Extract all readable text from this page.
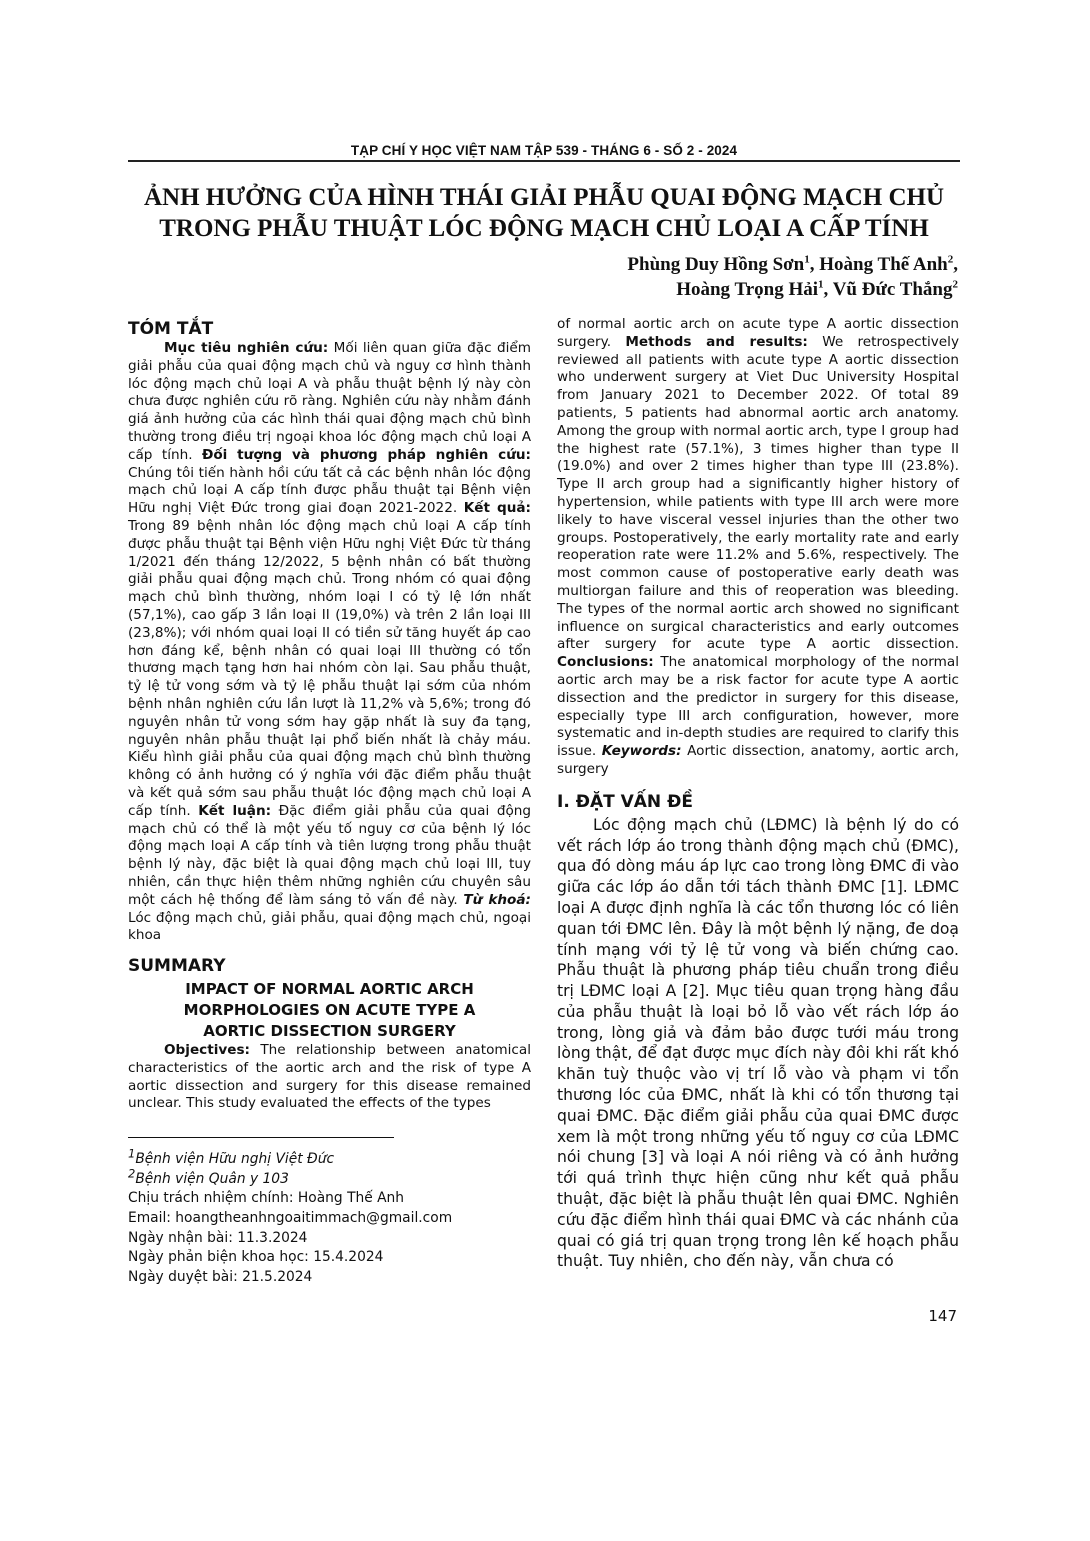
TẠP CHÍ Y HỌC VIỆT NAM TẬP 539 - THÁNG 6 - SỐ 2 - 2024
ẢNH HƯỞNG CỦA HÌNH THÁI GIẢI PHẪU QUAI ĐỘNG MẠCH CHỦ
TRONG PHẪU THUẬT LÓC ĐỘNG MẠCH CHỦ LOẠI A CẤP TÍNH
Phùng Duy Hồng Sơn$^1$, Hoàng Thế Anh$^2$,
Hoàng Trọng Hải$^1$, Vũ Đức Thắng$^2$
TÓM TẮT

Mục tiêu nghiên cứu: Mối liên quan giữa đặc điểm giải phẫu của quai động mạch chủ và nguy cơ hình thành lóc động mạch chủ loại A và phẫu thuật bệnh lý này còn chưa được nghiên cứu rõ ràng. Nghiên cứu này nhằm đánh giá ảnh hưởng của các hình thái quai động mạch chủ bình thường trong điều trị ngoại khoa lóc động mạch chủ loại A cấp tính. Đối tượng và phương pháp nghiên cứu: Chúng tôi tiến hành hồi cứu tất cả các bệnh nhân lóc động mạch chủ loại A cấp tính được phẫu thuật tại Bệnh viện Hữu nghị Việt Đức trong giai đoạn 2021-2022. Kết quả: Trong 89 bệnh nhân lóc động mạch chủ loại A cấp tính được phẫu thuật tại Bệnh viện Hữu nghị Việt Đức từ tháng 1/2021 đến tháng 12/2022, 5 bệnh nhân có bất thường giải phẫu quai động mạch chủ. Trong nhóm có quai động mạch chủ bình thường, nhóm loại I có tỷ lệ lớn nhất (57,1%), cao gấp 3 lần loại II (19,0%) và trên 2 lần loại III (23,8%); với nhóm quai loại II có tiền sử tăng huyết áp cao hơn đáng kể, bệnh nhân có quai loại III thường có tổn thương mạch tạng hơn hai nhóm còn lại. Sau phẫu thuật, tỷ lệ tử vong sớm và tỷ lệ phẫu thuật lại sớm của nhóm bệnh nhân nghiên cứu lần lượt là 11,2% và 5,6%; trong đó nguyên nhân tử vong sớm hay gặp nhất là suy đa tạng, nguyên nhân phẫu thuật lại phổ biến nhất là chảy máu. Kiểu hình giải phẫu của quai động mạch chủ bình thường không có ảnh hưởng có ý nghĩa với đặc điểm phẫu thuật và kết quả sớm sau phẫu thuật lóc động mạch chủ loại A cấp tính. Kết luận: Đặc điểm giải phẫu của quai động mạch chủ có thể là một yếu tố nguy cơ của bệnh lý lóc động mạch loại A cấp tính và tiên lượng trong phẫu thuật bệnh lý này, đặc biệt là quai động mạch chủ loại III, tuy nhiên, cần thực hiện thêm những nghiên cứu chuyên sâu một cách hệ thống để làm sáng tỏ vấn đề này. Từ khoá: Lóc động mạch chủ, giải phẫu, quai động mạch chủ, ngoại khoa

SUMMARY
IMPACT OF NORMAL AORTIC ARCH
MORPHOLOGIES ON ACUTE TYPE A
AORTIC DISSECTION SURGERY

Objectives: The relationship between anatomical characteristics of the aortic arch and the risk of type A aortic dissection and surgery for this disease remained unclear. This study evaluated the effects of the types

$^1$Bệnh viện Hữu nghị Việt Đức
$^2$Bệnh viện Quân y 103
Chịu trách nhiệm chính: Hoàng Thế Anh
Email: hoangtheanhngoaitimmach@gmail.com
Ngày nhận bài: 11.3.2024
Ngày phản biện khoa học: 15.4.2024
Ngày duyệt bài: 21.5.2024

of normal aortic arch on acute type A aortic dissection surgery. Methods and results: We retrospectively reviewed all patients with acute type A aortic dissection who underwent surgery at Viet Duc University Hospital from January 2021 to December 2022. Of total 89 patients, 5 patients had abnormal aortic arch anatomy. Among the group with normal aortic arch, type I group had the highest rate (57.1%), 3 times higher than type II (19.0%) and over 2 times higher than type III (23.8%). Type II arch group had a significantly higher history of hypertension, while patients with type III arch were more likely to have visceral vessel injuries than the other two groups. Postoperatively, the early mortality rate and early reoperation rate were 11.2% and 5.6%, respectively. The most common cause of postoperative early death was multiorgan failure and this of reoperation was bleeding. The types of the normal aortic arch showed no significant influence on surgical characteristics and early outcomes after surgery for acute type A aortic dissection. Conclusions: The anatomical morphology of the normal aortic arch may be a risk factor for acute type A aortic dissection and the predictor in surgery for this disease, especially type III arch configuration, however, more systematic and in-depth studies are required to clarify this issue. Keywords: Aortic dissection, anatomy, aortic arch, surgery

I. ĐẶT VẤN ĐỀ

Lóc động mạch chủ (LĐMC) là bệnh lý do có vết rách lớp áo trong thành động mạch chủ (ĐMC), qua đó dòng máu áp lực cao trong lòng ĐMC đi vào giữa các lớp áo dẫn tới tách thành ĐMC [1]. LĐMC loại A được định nghĩa là các tổn thương lóc có liên quan tới ĐMC lên. Đây là một bệnh lý nặng, đe doạ tính mạng với tỷ lệ tử vong và biến chứng cao. Phẫu thuật là phương pháp tiêu chuẩn trong điều trị LĐMC loại A [2]. Mục tiêu quan trọng hàng đầu của phẫu thuật là loại bỏ lỗ vào vết rách lớp áo trong, lòng giả và đảm bảo được tưới máu trong lòng thật, để đạt được mục đích này đôi khi rất khó khăn tuỳ thuộc vào vị trí lỗ vào và phạm vi tổn thương lóc của ĐMC, nhất là khi có tổn thương tại quai ĐMC. Đặc điểm giải phẫu của quai ĐMC được xem là một trong những yếu tố nguy cơ của LĐMC nói chung [3] và loại A nói riêng và có ảnh hưởng tới quá trình thực hiện cũng như kết quả phẫu thuật, đặc biệt là phẫu thuật lên quai ĐMC. Nghiên cứu đặc điểm hình thái quai ĐMC và các nhánh của quai có giá trị quan trọng trong lên kế hoạch phẫu thuật. Tuy nhiên, cho đến này, vẫn chưa có

147
